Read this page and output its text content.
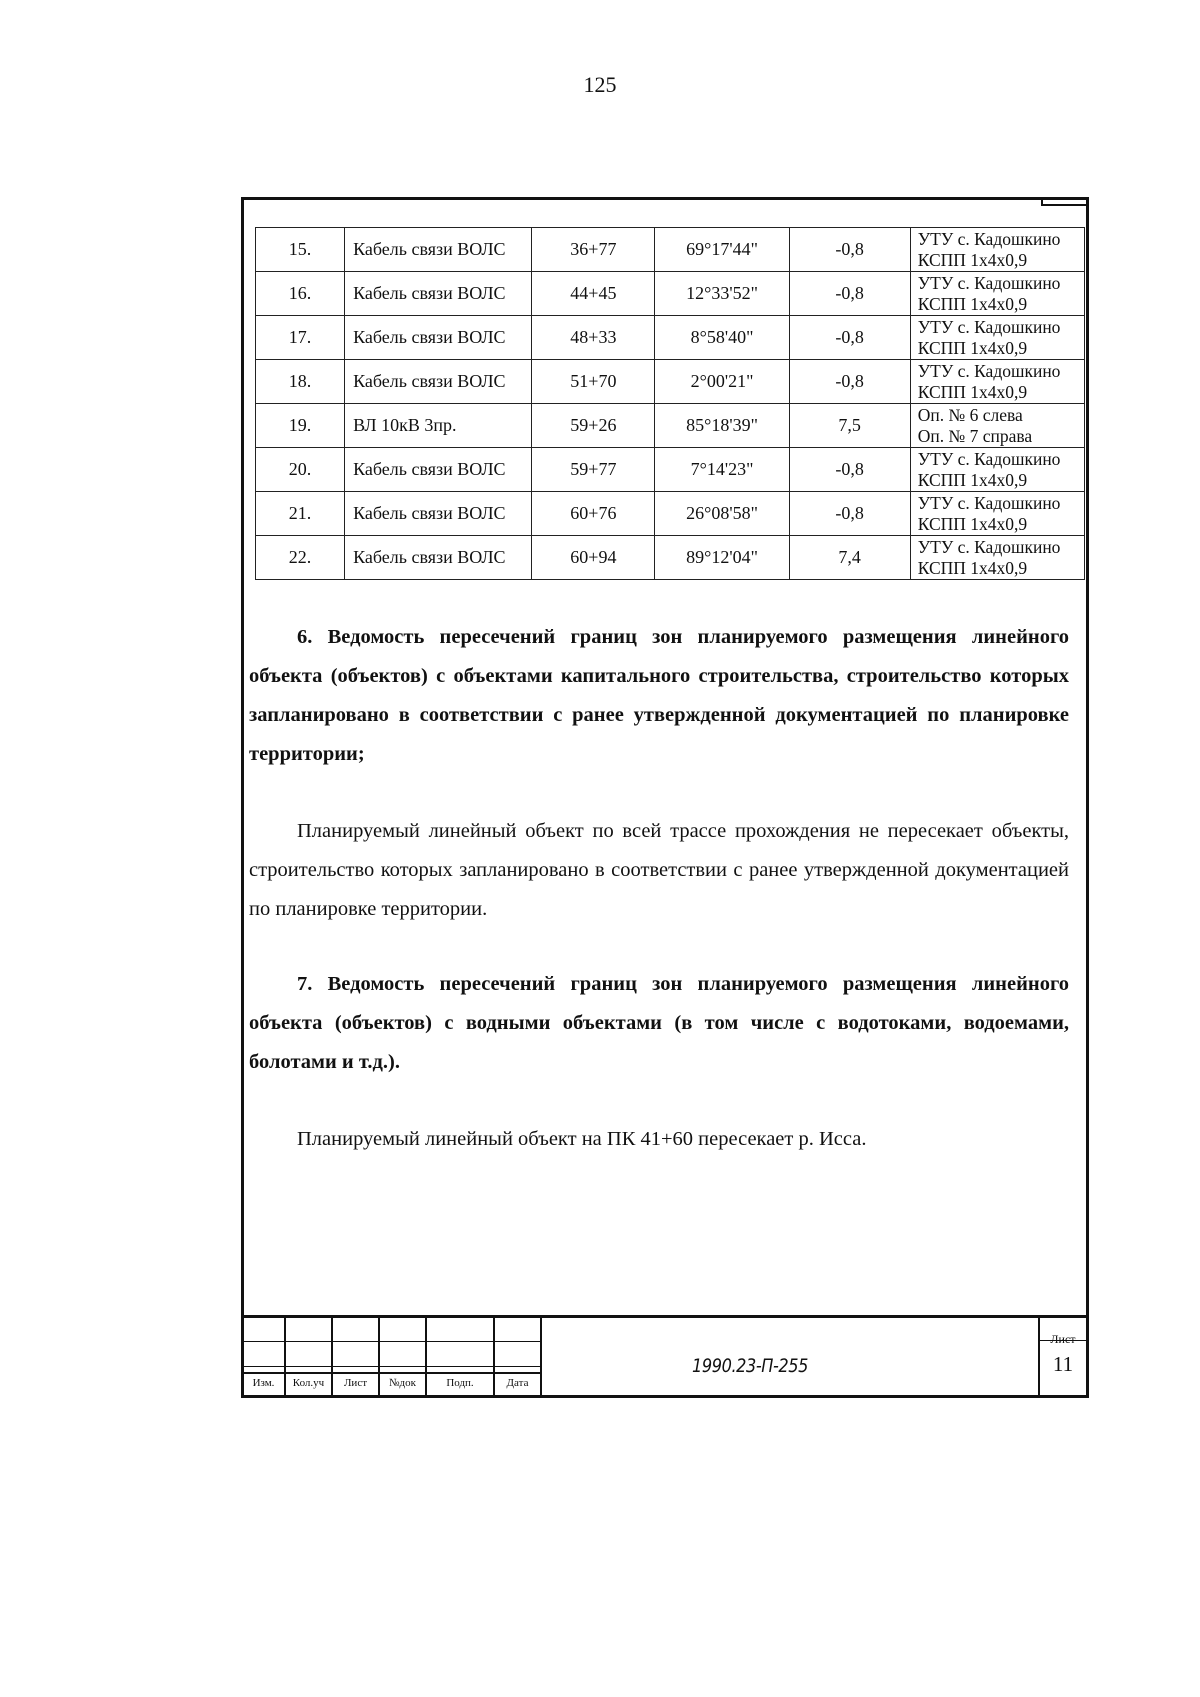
125
15.	Кабель связи ВОЛС	36+77	69°17'44"	-0,8	УТУ с. Кадошкино
КСПП 1х4х0,9

16.	Кабель связи ВОЛС	44+45	12°33'52"	-0,8	УТУ с. Кадошкино
КСПП 1х4х0,9

17.	Кабель связи ВОЛС	48+33	8°58'40"	-0,8	УТУ с. Кадошкино
КСПП 1х4х0,9

18.	Кабель связи ВОЛС	51+70	2°00'21"	-0,8	УТУ с. Кадошкино
КСПП 1х4х0,9

19.	ВЛ 10кВ 3пр.	59+26	85°18'39"	7,5	Оп. № 6 слева
Оп. № 7 справа

20.	Кабель связи ВОЛС	59+77	7°14'23"	-0,8	УТУ с. Кадошкино
КСПП 1х4х0,9

21.	Кабель связи ВОЛС	60+76	26°08'58"	-0,8	УТУ с. Кадошкино
КСПП 1х4х0,9

22.	Кабель связи ВОЛС	60+94	89°12'04"	7,4	УТУ с. Кадошкино
КСПП 1х4х0,9
6. Ведомость пересечений границ зон планируемого размещения линейного объекта (объектов) с объектами капитального строительства, строительство которых запланировано в соответствии с ранее утвержденной документацией по планировке территории;
Планируемый линейный объект по всей трассе прохождения не пересекает объекты, строительство которых запланировано в соответствии с ранее утвержденной документацией по планировке территории.
7. Ведомость пересечений границ зон планируемого размещения линейного объекта (объектов) с водными объектами (в том числе с водотоками, водоемами, болотами и т.д.).
Планируемый линейный объект на ПК 41+60 пересекает р. Исса.
Изм.	Кол.уч	Лист	№док	Подп.	Дата
1990.23-П-255
Лист
11
